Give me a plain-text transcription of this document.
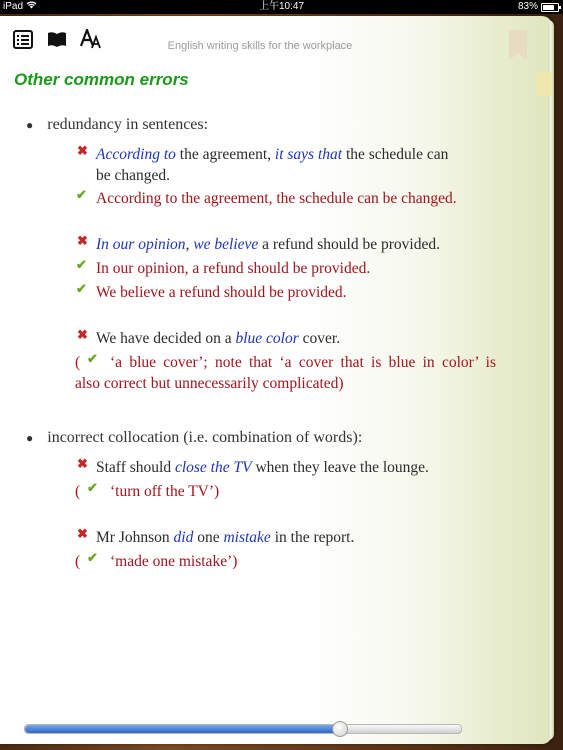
iPad	上午10:47	83%
English writing skills for the workplace
Other common errors
● redundancy in sentences:
✖ According to the agreement, it says that the schedule can
be changed.
✔ According to the agreement, the schedule can be changed.
✖ In our opinion, we believe a refund should be provided.
✔ In our opinion, a refund should be provided.
✔ We believe a refund should be provided.
✖ We have decided on a blue color cover.
( ✔ ‘a blue cover’; note that ‘a cover that is blue in color’ is
also correct but unnecessarily complicated)
● incorrect collocation (i.e. combination of words):
✖ Staff should close the TV when they leave the lounge.
( ✔ ‘turn off the TV’)
✖ Mr Johnson did one mistake in the report.
( ✔ ‘made one mistake’)
